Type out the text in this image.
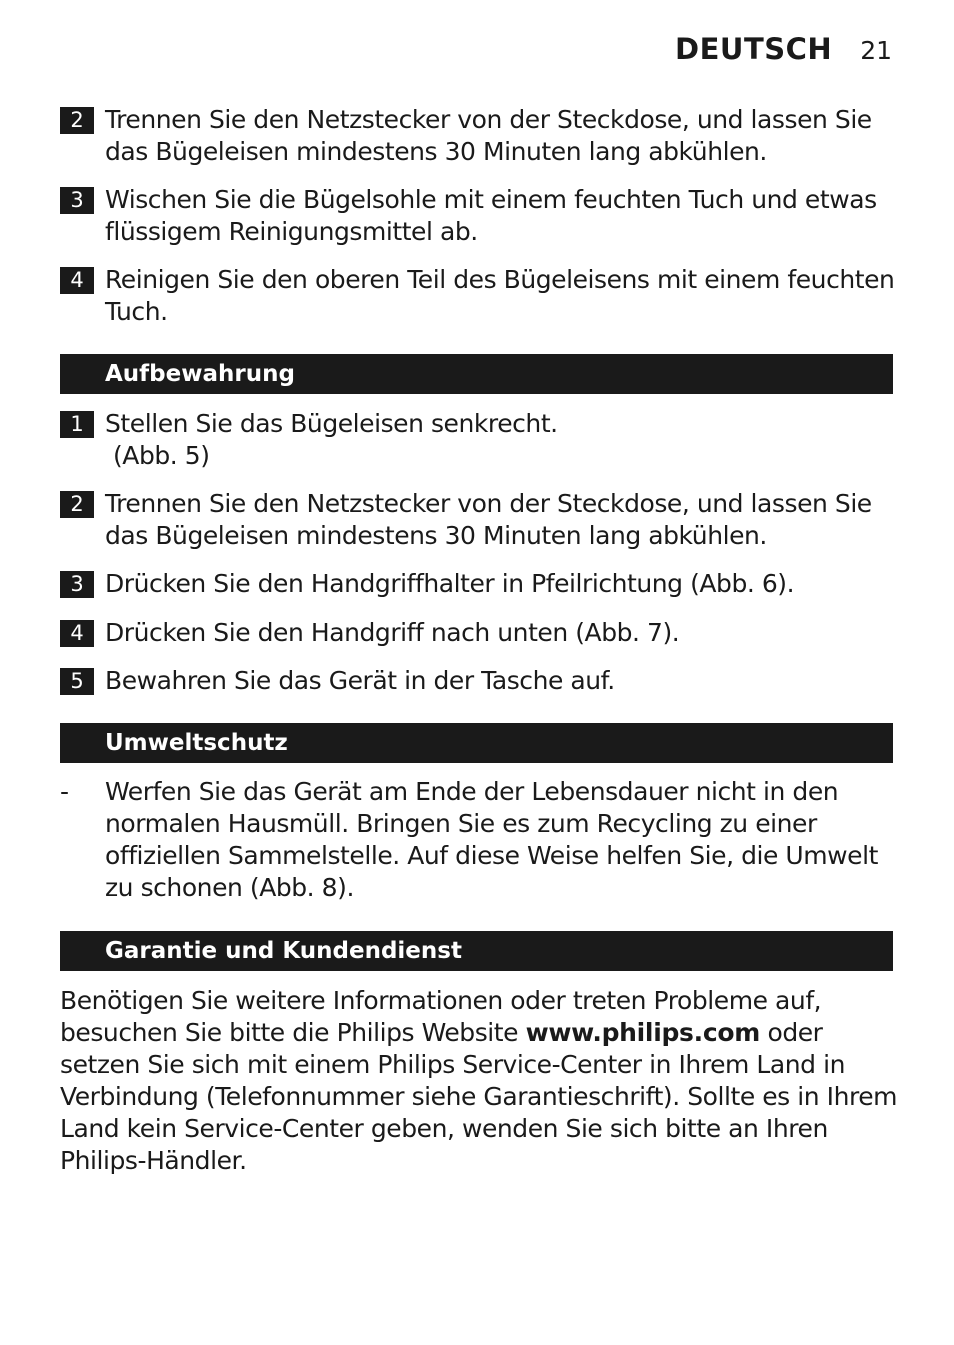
DEUTSCH 21
2 Trennen Sie den Netzstecker von der Steckdose, und lassen Sie das Bügeleisen mindestens 30 Minuten lang abkühlen.
3 Wischen Sie die Bügelsohle mit einem feuchten Tuch und etwas flüssigem Reinigungsmittel ab.
4 Reinigen Sie den oberen Teil des Bügeleisens mit einem feuchten Tuch.
Aufbewahrung
1 Stellen Sie das Bügeleisen senkrecht.
(Abb. 5)
2 Trennen Sie den Netzstecker von der Steckdose, und lassen Sie das Bügeleisen mindestens 30 Minuten lang abkühlen.
3 Drücken Sie den Handgriffhalter in Pfeilrichtung (Abb. 6).
4 Drücken Sie den Handgriff nach unten (Abb. 7).
5 Bewahren Sie das Gerät in der Tasche auf.
Umweltschutz
-	Werfen Sie das Gerät am Ende der Lebensdauer nicht in den normalen Hausmüll. Bringen Sie es zum Recycling zu einer offiziellen Sammelstelle. Auf diese Weise helfen Sie, die Umwelt zu schonen (Abb. 8).
Garantie und Kundendienst
Benötigen Sie weitere Informationen oder treten Probleme auf, besuchen Sie bitte die Philips Website www.philips.com oder setzen Sie sich mit einem Philips Service-Center in Ihrem Land in Verbindung (Telefonnummer siehe Garantieschrift). Sollte es in Ihrem Land kein Service-Center geben, wenden Sie sich bitte an Ihren Philips-Händler.
